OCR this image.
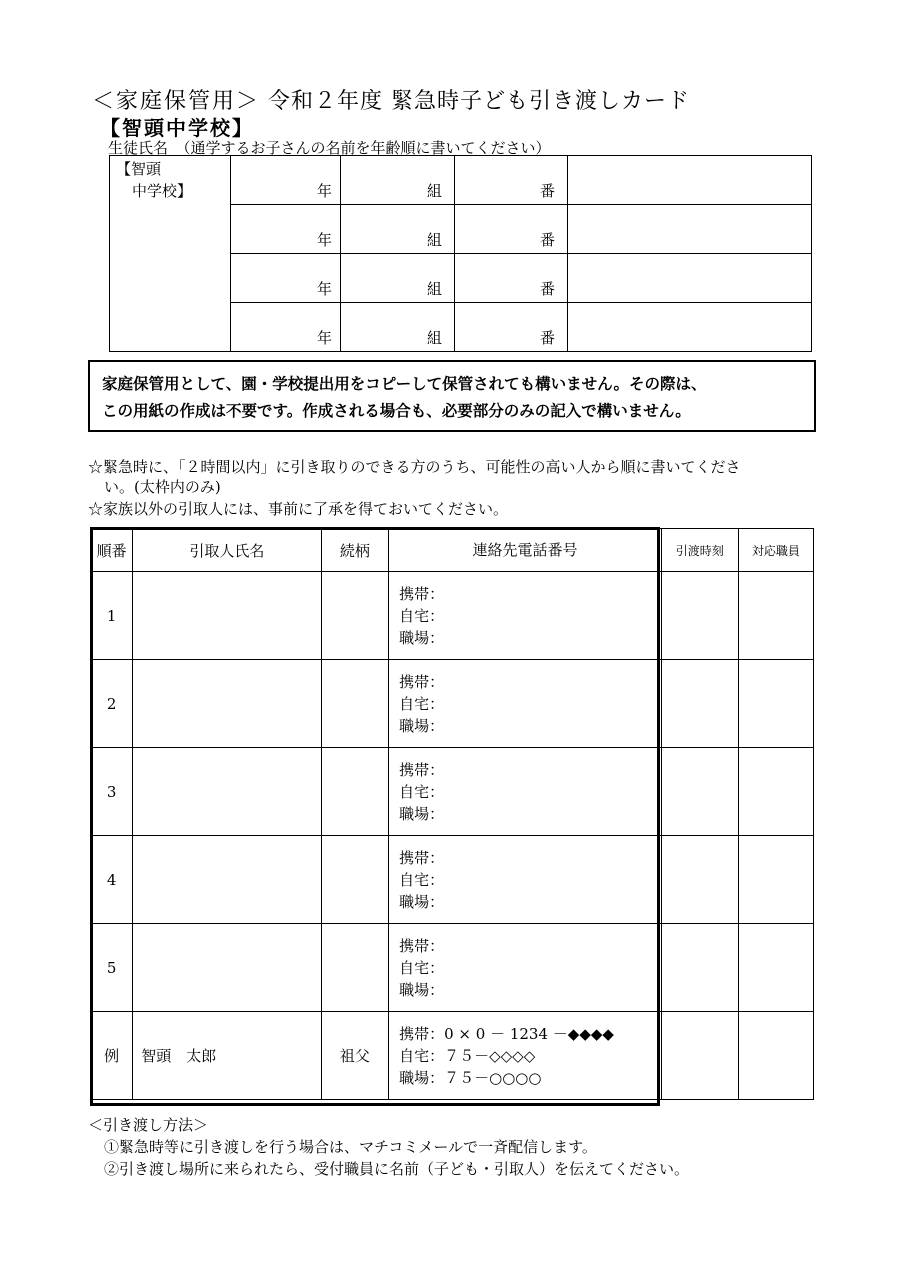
＜家庭保管用＞ 令和２年度 緊急時子ども引き渡しカード
【智頭中学校】
生徒氏名　（通学するお子さんの名前を年齢順に書いてください）
【智頭
中学校】	年	組	番	
	年	組	番	
	年	組	番	
	年	組	番	
家庭保管用として、園・学校提出用をコピーして保管されても構いません。その際は、
この用紙の作成は不要です。作成される場合も、必要部分のみの記入で構いません。
☆緊急時に、「２時間以内」に引き取りのできる方のうち、可能性の高い人から順に書いてくださ
い。(太枠内のみ)
☆家族以外の引取人には、事前に了承を得ておいてください。
順番	引取人氏名	続柄	連絡先電話番号	引渡時刻	対応職員
1			携帯：
自宅：
職場：		

2			携帯：
自宅：
職場：		

3			携帯：
自宅：
職場：		

4			携帯：
自宅：
職場：		

5			携帯：
自宅：
職場：		

例	智頭　太郎	祖父	携帯：0 × 0 － 1234 －◆◆◆◆
自宅：７５－◇◇◇◇
職場：７５－○○○○		

＜引き渡し方法＞
①緊急時等に引き渡しを行う場合は、マチコミメールで一斉配信します。
②引き渡し場所に来られたら、受付職員に名前（子ども・引取人）を伝えてください。
